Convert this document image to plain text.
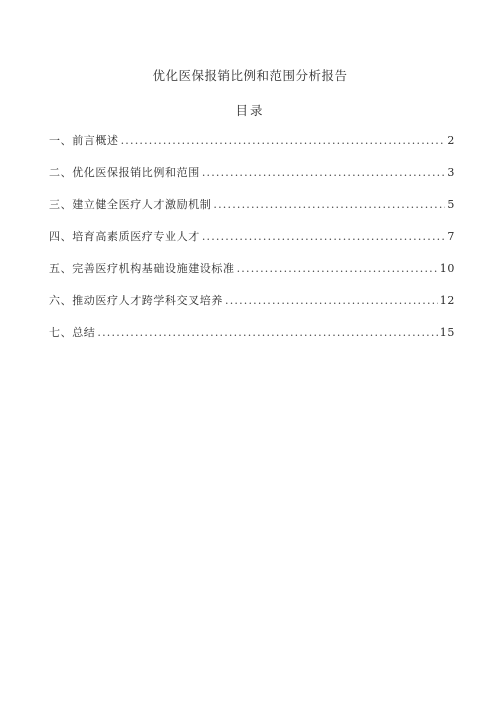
优化医保报销比例和范围分析报告
目录
一、前言概述 .....	2
二、优化医保报销比例和范围 .....	3
三、建立健全医疗人才激励机制 .....	5
四、培育高素质医疗专业人才 .....	7
五、完善医疗机构基础设施建设标准 .....	10
六、推动医疗人才跨学科交叉培养 .....	12
七、总结 .....	15
